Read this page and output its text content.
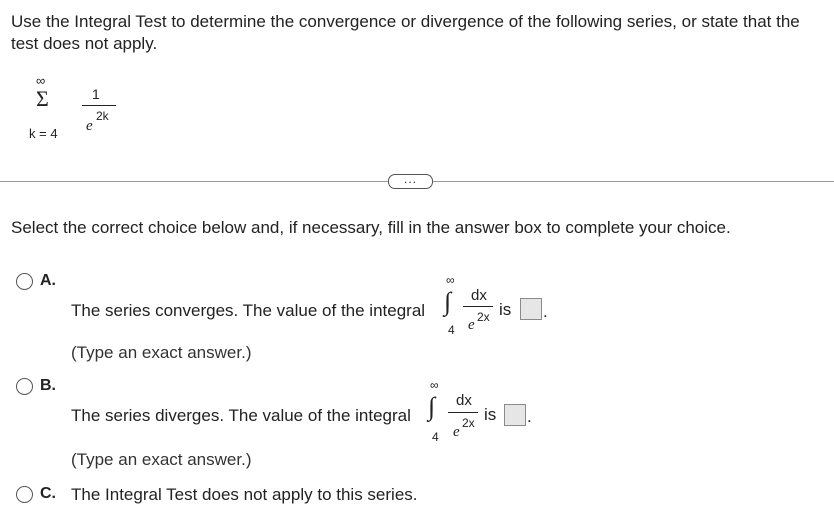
Use the Integral Test to determine the convergence or divergence of the following series, or state that the test does not apply.
∞
Σ
k = 4
1
e
2k
...
Select the correct choice below and, if necessary, fill in the answer box to complete your choice.
A.
The series converges. The value of the integral
∞
∫
4
dx
e 2x is .
(Type an exact answer.)
B.
The series diverges. The value of the integral
∞
∫
4
dx
e
2x is .
(Type an exact answer.)
C. The Integral Test does not apply to this series.
